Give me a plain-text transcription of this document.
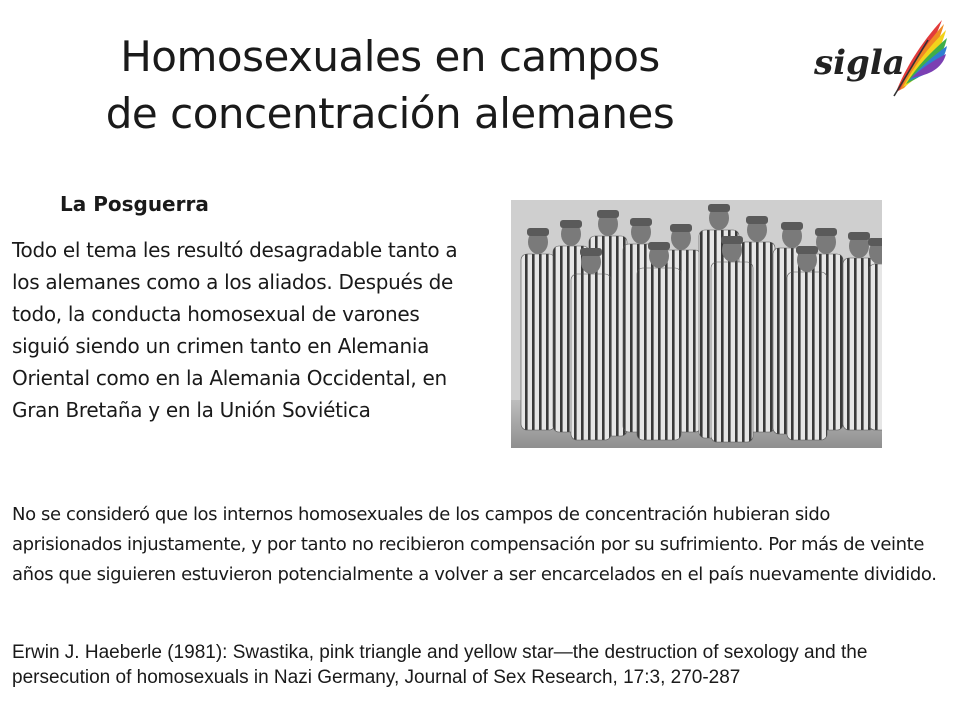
Homosexuales en campos
de concentración alemanes
sigla
La Posguerra
Todo el tema les resultó desagradable tanto a los alemanes como a los aliados. Después de todo, la conducta homosexual de varones siguió siendo un crimen tanto en Alemania Oriental como en la Alemania Occidental, en Gran Bretaña y en la Unión Soviética
No se consideró que los internos homosexuales de los campos de concentración hubieran sido aprisionados injustamente, y por tanto no recibieron compensación por su sufrimiento. Por más de veinte años que siguieren estuvieron potencialmente a volver a ser encarcelados en el país nuevamente dividido.
Erwin J. Haeberle (1981): Swastika, pink triangle and yellow star—the destruction of sexology and the persecution of homosexuals in Nazi Germany, Journal of Sex Research, 17:3, 270-287
